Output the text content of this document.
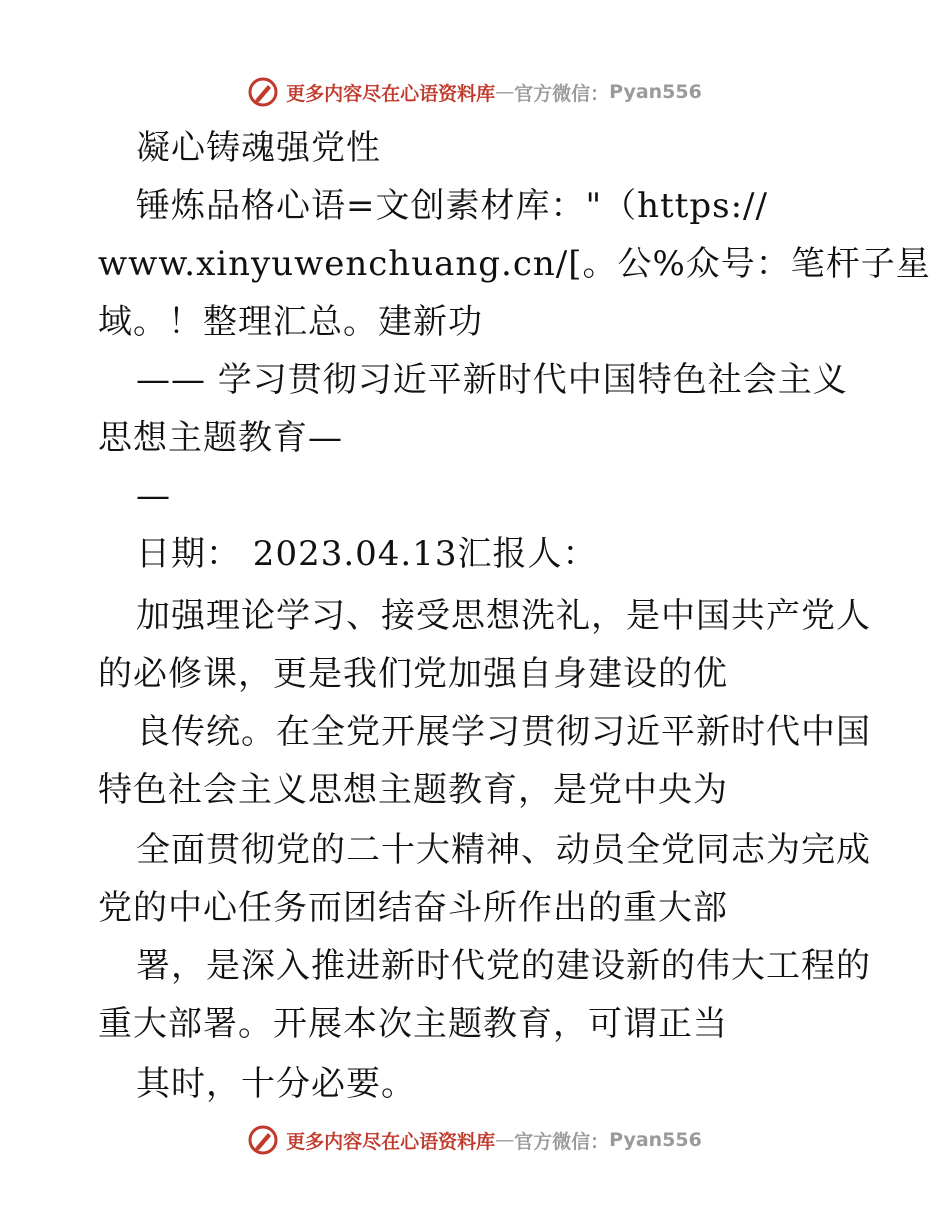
更多内容尽在心语资料库 — 官方微信： Pyan556
凝心铸魂强党性
锤炼品格心语=文创素材库："（https://
www.xinyuwenchuang.cn/[。公%众号：笔杆子星
域。！整理汇总。建新功
—— 学习贯彻习近平新时代中国特色社会主义
思想主题教育—
—
日期： 2023.04.13汇报人：
加强理论学习、接受思想洗礼，是中国共产党人
的必修课，更是我们党加强自身建设的优
良传统。在全党开展学习贯彻习近平新时代中国
特色社会主义思想主题教育，是党中央为
全面贯彻党的二十大精神、动员全党同志为完成
党的中心任务而团结奋斗所作出的重大部
署，是深入推进新时代党的建设新的伟大工程的
重大部署。开展本次主题教育，可谓正当
其时，十分必要。
更多内容尽在心语资料库 — 官方微信： Pyan556
